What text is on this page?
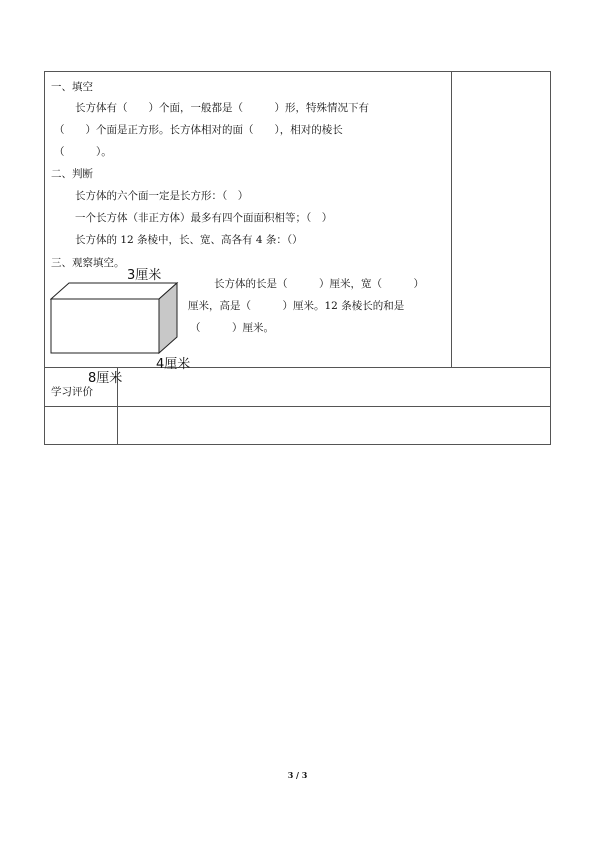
一、填空
长方体有（　　）个面，一般都是（　　　）形，特殊情况下有
（　　）个面是正方形。长方体相对的面（　　），相对的棱长
（　　　）。
二、判断
长方体的六个面一定是长方形：（　）
一个长方体（非正方体）最多有四个面面积相等；（　）
长方体的 12 条棱中，长、宽、高各有 4 条：（）
三、观察填空。
3厘米
4厘米
8厘米
长方体的长是（　　　）厘米，宽（　　　）
厘米，高是（　　　）厘米。12 条棱长的和是
（　　　）厘米。
学习评价
3 / 3
